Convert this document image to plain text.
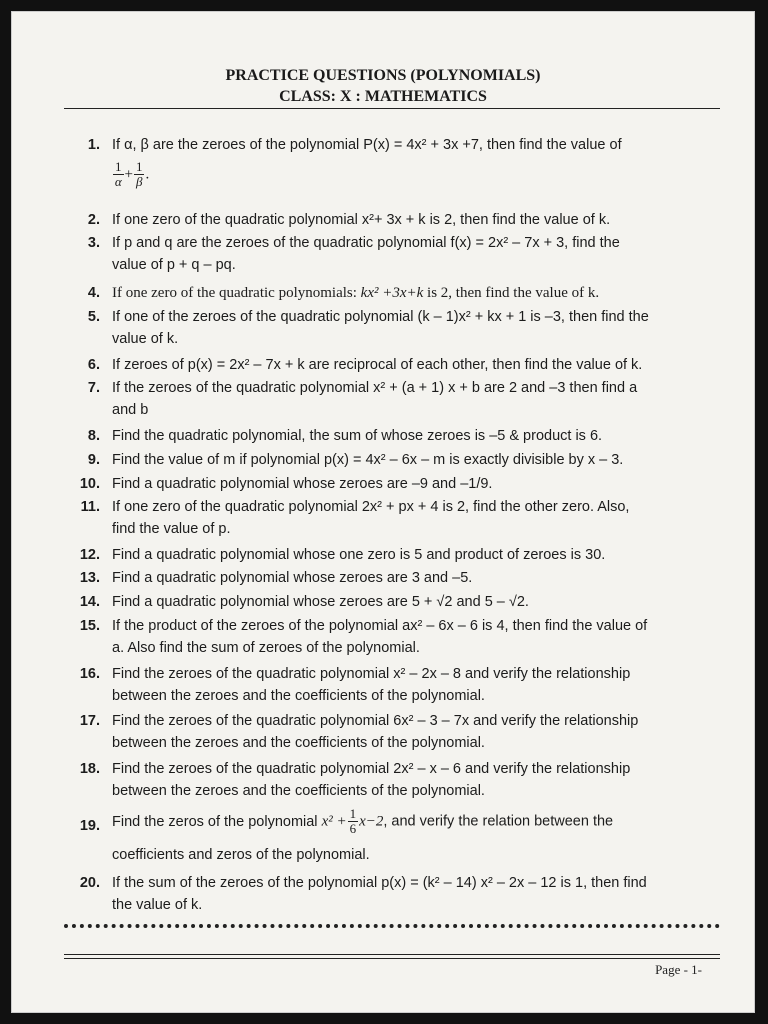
PRACTICE QUESTIONS (POLYNOMIALS)
CLASS: X : MATHEMATICS
1. If α, β are the zeroes of the polynomial P(x) = 4x² + 3x +7, then find the value of

$\frac{1}{\alpha} + \frac{1}{\beta}$ .
2. If one zero of the quadratic polynomial x²+ 3x + k is 2, then find the value of k.
3. If p and q are the zeroes of the quadratic polynomial f(x) = 2x² – 7x + 3, find the
value of p + q – pq.
4. If one zero of the quadratic polynomials: kx² +3x+k is 2, then find the value of k.
5. If one of the zeroes of the quadratic polynomial (k – 1)x² + kx + 1 is –3, then find the
value of k.
6. If zeroes of p(x) = 2x² – 7x + k are reciprocal of each other, then find the value of k.
7. If the zeroes of the quadratic polynomial x² + (a + 1) x + b are 2 and –3 then find a
and b
8. Find the quadratic polynomial, the sum of whose zeroes is –5 & product is 6.
9. Find the value of m if polynomial p(x) = 4x² – 6x – m is exactly divisible by x – 3.
10. Find a quadratic polynomial whose zeroes are –9 and –1/9.
11. If one zero of the quadratic polynomial 2x² + px + 4 is 2, find the other zero. Also,
find the value of p.
12. Find a quadratic polynomial whose one zero is 5 and product of zeroes is 30.
13. Find a quadratic polynomial whose zeroes are 3 and –5.
14. Find a quadratic polynomial whose zeroes are 5 + √2 and 5 – √2.
15. If the product of the zeroes of the polynomial ax² – 6x – 6 is 4, then find the value of
a. Also find the sum of zeroes of the polynomial.
16. Find the zeroes of the quadratic polynomial x² – 2x – 8 and verify the relationship
between the zeroes and the coefficients of the polynomial.
17. Find the zeroes of the quadratic polynomial 6x² – 3 – 7x and verify the relationship
between the zeroes and the coefficients of the polynomial.
18. Find the zeroes of the quadratic polynomial 2x² – x – 6 and verify the relationship
between the zeroes and the coefficients of the polynomial.
19. Find the zeros of the polynomial $x^2 + \frac{1}{6} x-2$, and verify the relation between the
coefficients and zeros of the polynomial.
20. If the sum of the zeroes of the polynomial p(x) = (k² – 14) x² – 2x – 12 is 1, then find
the value of k.
Page - 1-
